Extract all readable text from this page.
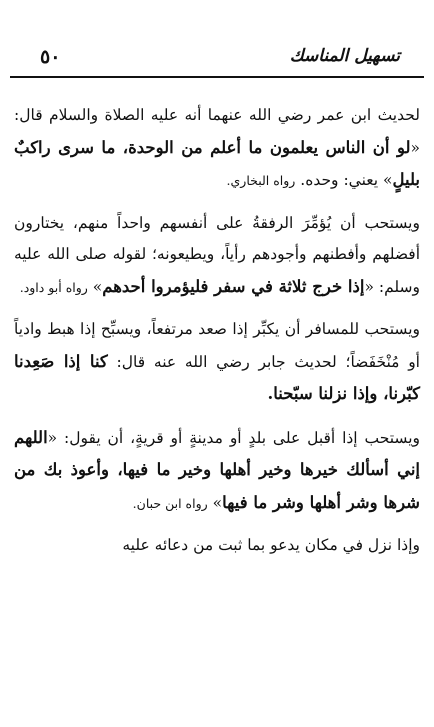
تسهيل المناسك
٥٠

لحديث ابن عمر رضي الله عنهما أنه عليه الصلاة والسلام قال: «لو أن الناس يعلمون ما أعلم من الوحدة، ما سرى راكبٌ بليلٍ» يعني: وحده. رواه البخاري.

ويستحب أن يُؤمِّرَ الرفقةُ على أنفسهم واحداً منهم، يختارون أفضلهم وأفطنهم وأجودهم رأياً، ويطيعونه؛ لقوله صلى الله عليه وسلم: «إذا خرج ثلاثة في سفر فليؤمروا أحدهم» رواه أبو داود.

ويستحب للمسافر أن يكبِّر إذا صعد مرتفعاً، ويسبِّح إذا هبط وادياً أو مُنْخَفَضاً؛ لحديث جابر رضي الله عنه قال: كنا إذا صَعِدنا كبّرنا، وإذا نزلنا سبّحنا.

ويستحب إذا أقبل على بلدٍ أو مدينةٍ أو قريةٍ، أن يقول: «اللهم إني أسألك خيرها وخير أهلها وخير ما فيها، وأعوذ بك من شرها وشر أهلها وشر ما فيها» رواه ابن حبان.

وإذا نزل في مكان يدعو بما ثبت من دعائه عليه
